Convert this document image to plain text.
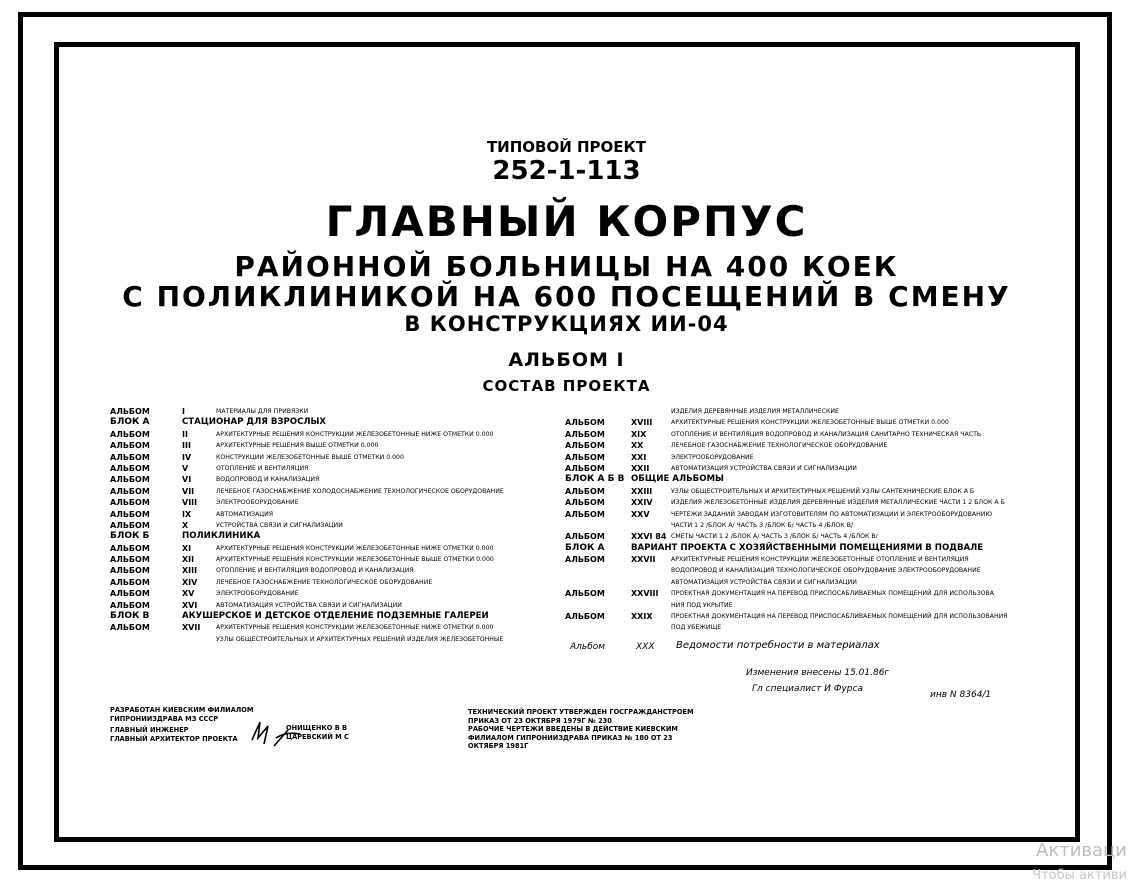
ТИПОВОЙ ПРОЕКТ
252-1-113
ГЛАВНЫЙ КОРПУС
РАЙОННОЙ БОЛЬНИЦЫ НА 400 КОЕК
С ПОЛИКЛИНИКОЙ НА 600 ПОСЕЩЕНИЙ В СМЕНУ
В КОНСТРУКЦИЯХ ИИ-04
АЛЬБОМ I
СОСТАВ ПРОЕКТА
АЛЬБОМ	I	МАТЕРИАЛЫ ДЛЯ ПРИВЯЗКИ
БЛОК А	СТАЦИОНАР ДЛЯ ВЗРОСЛЫХ
АЛЬБОМ	II	АРХИТЕКТУРНЫЕ РЕШЕНИЯ КОНСТРУКЦИИ ЖЕЛЕЗОБЕТОННЫЕ НИЖЕ ОТМЕТКИ 0.000
АЛЬБОМ	III	АРХИТЕКТУРНЫЕ РЕШЕНИЯ ВЫШЕ ОТМЕТКИ 0.000
АЛЬБОМ	IV	КОНСТРУКЦИИ ЖЕЛЕЗОБЕТОННЫЕ ВЫШЕ ОТМЕТКИ 0.000
АЛЬБОМ	V	ОТОПЛЕНИЕ И ВЕНТИЛЯЦИЯ
АЛЬБОМ	VI	ВОДОПРОВОД И КАНАЛИЗАЦИЯ
АЛЬБОМ	VII	ЛЕЧЕБНОЕ ГАЗОСНАБЖЕНИЕ ХОЛОДОСНАБЖЕНИЕ ТЕХНОЛОГИЧЕСКОЕ ОБОРУДОВАНИЕ
АЛЬБОМ	VIII	ЭЛЕКТРООБОРУДОВАНИЕ
АЛЬБОМ	IX	АВТОМАТИЗАЦИЯ
АЛЬБОМ	X	УСТРОЙСТВА СВЯЗИ И СИГНАЛИЗАЦИИ
БЛОК Б	ПОЛИКЛИНИКА
АЛЬБОМ	XI	АРХИТЕКТУРНЫЕ РЕШЕНИЯ КОНСТРУКЦИИ ЖЕЛЕЗОБЕТОННЫЕ НИЖЕ ОТМЕТКИ 0.000
АЛЬБОМ	XII	АРХИТЕКТУРНЫЕ РЕШЕНИЯ КОНСТРУКЦИИ ЖЕЛЕЗОБЕТОННЫЕ ВЫШЕ ОТМЕТКИ 0.000
АЛЬБОМ	XIII	ОТОПЛЕНИЕ И ВЕНТИЛЯЦИЯ ВОДОПРОВОД И КАНАЛИЗАЦИЯ
АЛЬБОМ	XIV	ЛЕЧЕБНОЕ ГАЗОСНАБЖЕНИЕ ТЕХНОЛОГИЧЕСКОЕ ОБОРУДОВАНИЕ
АЛЬБОМ	XV	ЭЛЕКТРООБОРУДОВАНИЕ
АЛЬБОМ	XVI	АВТОМАТИЗАЦИЯ УСТРОЙСТВА СВЯЗИ И СИГНАЛИЗАЦИИ
БЛОК В	АКУШЕРСКОЕ И ДЕТСКОЕ ОТДЕЛЕНИЕ ПОДЗЕМНЫЕ ГАЛЕРЕИ
АЛЬБОМ	XVII	АРХИТЕКТУРНЫЕ РЕШЕНИЯ КОНСТРУКЦИИ ЖЕЛЕЗОБЕТОННЫЕ НИЖЕ ОТМЕТКИ 0.000
УЗЛЫ ОБЩЕСТРОИТЕЛЬНЫХ И АРХИТЕКТУРНЫХ РЕШЕНИЙ ИЗДЕЛИЯ ЖЕЛЕЗОБЕТОННЫЕ
ИЗДЕЛИЯ ДЕРЕВЯННЫЕ ИЗДЕЛИЯ МЕТАЛЛИЧЕСКИЕ
АЛЬБОМ	XVIII	АРХИТЕКТУРНЫЕ РЕШЕНИЯ КОНСТРУКЦИИ ЖЕЛЕЗОБЕТОННЫЕ ВЫШЕ ОТМЕТКИ 0.000
АЛЬБОМ	XIX	ОТОПЛЕНИЕ И ВЕНТИЛЯЦИЯ ВОДОПРОВОД И КАНАЛИЗАЦИЯ САНИТАРНО ТЕХНИЧЕСКАЯ ЧАСТЬ
АЛЬБОМ	XX	ЛЕЧЕБНОЕ ГАЗОСНАБЖЕНИЕ ТЕХНОЛОГИЧЕСКОЕ ОБОРУДОВАНИЕ
АЛЬБОМ	XXI	ЭЛЕКТРООБОРУДОВАНИЕ
АЛЬБОМ	XXII	АВТОМАТИЗАЦИЯ УСТРОЙСТВА СВЯЗИ И СИГНАЛИЗАЦИИ
БЛОК А Б В ОБЩИЕ АЛЬБОМЫ
АЛЬБОМ	XXIII	УЗЛЫ ОБЩЕСТРОИТЕЛЬНЫХ И АРХИТЕКТУРНЫХ РЕШЕНИЙ УЗЛЫ САНТЕХНИЧЕСКИЕ БЛОК А Б
АЛЬБОМ	XXIV	ИЗДЕЛИЯ ЖЕЛЕЗОБЕТОННЫЕ ИЗДЕЛИЯ ДЕРЕВЯННЫЕ ИЗДЕЛИЯ МЕТАЛЛИЧЕСКИЕ ЧАСТИ 1 2 БЛОК А Б
АЛЬБОМ	XXV	ЧЕРТЕЖИ ЗАДАНИЙ ЗАВОДАМ ИЗГОТОВИТЕЛЯМ ПО АВТОМАТИЗАЦИИ И ЭЛЕКТРООБОРУДОВАНИЮ
ЧАСТИ 1 2 /БЛОК А/ ЧАСТЬ 3 /БЛОК Б/ ЧАСТЬ 4 /БЛОК В/
АЛЬБОМ	XXVI 84 СМЕТЫ ЧАСТИ 1 2 /БЛОК А/ ЧАСТЬ 3 /БЛОК Б/ ЧАСТЬ 4 /БЛОК В/
БЛОК А	ВАРИАНТ ПРОЕКТА С ХОЗЯЙСТВЕННЫМИ ПОМЕЩЕНИЯМИ В ПОДВАЛЕ
АЛЬБОМ	XXVII	АРХИТЕКТУРНЫЕ РЕШЕНИЯ КОНСТРУКЦИИ ЖЕЛЕЗОБЕТОННЫЕ ОТОПЛЕНИЕ И ВЕНТИЛЯЦИЯ
ВОДОПРОВОД И КАНАЛИЗАЦИЯ ТЕХНОЛОГИЧЕСКОЕ ОБОРУДОВАНИЕ ЭЛЕКТРООБОРУДОВАНИЕ
АВТОМАТИЗАЦИЯ УСТРОЙСТВА СВЯЗИ И СИГНАЛИЗАЦИИ
АЛЬБОМ	XXVIII ПРОЕКТНАЯ ДОКУМЕНТАЦИЯ НА ПЕРЕВОД ПРИСПОСАБЛИВАЕМЫХ ПОМЕЩЕНИЙ ДЛЯ ИСПОЛЬЗОВА
НИЯ ПОД УКРЫТИЕ
АЛЬБОМ	XXIX	ПРОЕКТНАЯ ДОКУМЕНТАЦИЯ НА ПЕРЕВОД ПРИСПОСАБЛИВАЕМЫХ ПОМЕЩЕНИЙ ДЛЯ ИСПОЛЬЗОВАНИЯ
ПОД УБЕЖИЩЕ
Альбом	XXX Ведомости потребности в материалах
Изменения внесены 15.01.86г
Гл специалист И Фурса
инв N 8364/1
РАЗРАБОТАН КИЕВСКИМ ФИЛИАЛОМ
ГИПРОНИИЗДРАВА МЗ СССР
ГЛАВНЫЙ ИНЖЕНЕР
ГЛАВНЫЙ АРХИТЕКТОР ПРОЕКТА
ОНИЩЕНКО В В
ЦАРЕВСКИЙ М С
ТЕХНИЧЕСКИЙ ПРОЕКТ УТВЕРЖДЕН ГОСГРАЖДАНСТРОЕМ
ПРИКАЗ ОТ 23 ОКТЯБРЯ 1979Г № 230
РАБОЧИЕ ЧЕРТЕЖИ ВВЕДЕНЫ В ДЕЙСТВИЕ КИЕВСКИМ
ФИЛИАЛОМ ГИПРОНИИЗДРАВА ПРИКАЗ № 180 ОТ 23
ОКТЯБРЯ 1981Г
Активаци
Чтобы активи
